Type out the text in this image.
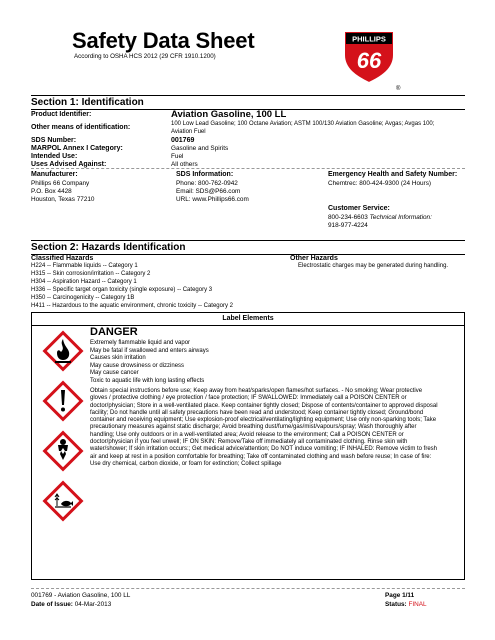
Safety Data Sheet
According to OSHA HCS 2012 (29 CFR 1910.1200)
PHILLIPS
66
®
Section 1: Identification
Product Identifier:	Aviation Gasoline, 100 LL
Other means of identification:	100 Low Lead Gasoline; 100 Octane Aviation; ASTM 100/130 Aviation Gasoline; Avgas; Avgas 100;
Aviation Fuel
SDS Number:	001769
MARPOL Annex I Category:	Gasoline and Spirits
Intended Use:	Fuel
Uses Advised Against:	All others
Manufacturer:
Phillips 66 Company
P.O. Box 4428
Houston, Texas 77210
SDS Information:
Phone: 800-762-0942
Email: SDS@P66.com
URL: www.Phillips66.com
Emergency Health and Safety Number:
Chemtrec: 800-424-9300 (24 Hours)
Customer Service:
800-234-6603 Technical Information:
918-977-4224
Section 2: Hazards Identification
Classified Hazards
H224 -- Flammable liquids -- Category 1
H315 -- Skin corrosion/irritation -- Category 2
H304 -- Aspiration Hazard -- Category 1
H336 -- Specific target organ toxicity (single exposure) -- Category 3
H350 -- Carcinogenicity -- Category 1B
H411 -- Hazardous to the aquatic environment, chronic toxicity -- Category 2
Other Hazards
Electrostatic charges may be generated during handling.
Label Elements
DANGER
Extremely flammable liquid and vapor
May be fatal if swallowed and enters airways
Causes skin irritation
May cause drowsiness or dizziness
May cause cancer
Toxic to aquatic life with long lasting effects
Obtain special instructions before use; Keep away from heat/sparks/open flames/hot surfaces. - No smoking; Wear protective
gloves / protective clothing / eye protection / face protection; IF SWALLOWED: Immediately call a POISON CENTER or
doctor/physician; Store in a well-ventilated place. Keep container tightly closed; Dispose of contents/container to approved disposal
facility; Do not handle until all safety precautions have been read and understood; Keep container tightly closed; Ground/bond
container and receiving equipment; Use explosion-proof electrical/ventilating/lighting equipment; Use only non-sparking tools; Take
precautionary measures against static discharge; Avoid breathing dust/fume/gas/mist/vapours/spray; Wash thoroughly after
handling; Use only outdoors or in a well-ventilated area; Avoid release to the environment; Call a POISON CENTER or
doctor/physician if you feel unwell; IF ON SKIN: Remove/Take off immediately all contaminated clothing. Rinse skin with
water/shower; If skin irritation occurs:; Get medical advice/attention; Do NOT induce vomiting; IF INHALED: Remove victim to fresh
air and keep at rest in a position comfortable for breathing; Take off contaminated clothing and wash before reuse; In case of fire:
Use dry chemical, carbon dioxide, or foam for extinction; Collect spillage
001769 - Aviation Gasoline, 100 LL
Date of Issue: 04-Mar-2013
Page 1/11
Status: FINAL
